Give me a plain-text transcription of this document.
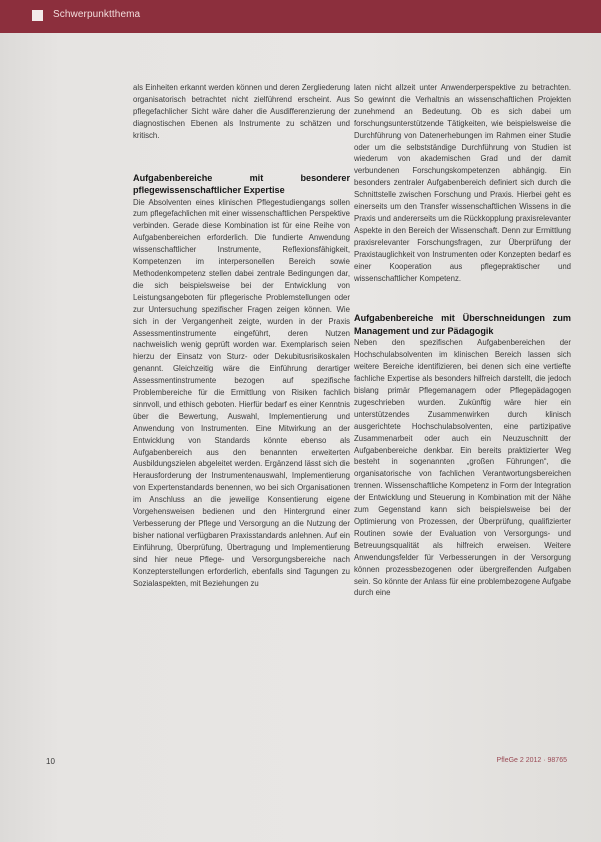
Schwerpunktthema

als Einheiten erkannt werden können und deren Zergliederung organisatorisch betrachtet nicht zielführend erscheint. Aus pflegefachlicher Sicht wäre daher die Ausdifferenzierung der diagnostischen Ebenen als Instrumente zu schätzen und kritisch.

Aufgabenbereiche mit besonderer pflegewissenschaftlicher Expertise

Die Absolventen eines klinischen Pflegestudiengangs sollen zum pflegefachlichen mit einer wissenschaftlichen Perspektive verbinden. Gerade diese Kombination ist für eine Reihe von Aufgabenbereichen erforderlich. Die fundierte Anwendung wissenschaftlicher Instrumente, Reflexionsfähigkeit, Kompetenzen im interpersonellen Bereich sowie Methodenkompetenz stellen dabei zentrale Bedingungen dar, die sich beispielsweise bei der Entwicklung von Leistungsangeboten für pflegerische Problemstellungen oder zur Untersuchung spezifischer Fragen zeigen können. Wie sich in der Vergangenheit zeigte, wurden in der Praxis Assessmentinstrumente eingeführt, deren Nutzen nachweislich wenig geprüft worden war. Exemplarisch seien hierzu der Einsatz von Sturz- oder Dekubitusrisikoskalen genannt. Gleichzeitig wäre die Einführung derartiger Assessmentinstrumente bezogen auf spezifische Problembereiche für die Ermittlung von Risiken fachlich sinnvoll, und ethisch geboten. Hierfür bedarf es einer Kenntnis über die Bewertung, Auswahl, Implementierung und Anwendung von Instrumenten. Eine Mitwirkung an der Entwicklung von Standards könnte ebenso als Aufgabenbereich aus den benannten erweiterten Ausbildungszielen abgeleitet werden. Ergänzend lässt sich die Herausforderung der Instrumentenauswahl, Implementierung von Expertenstandards benennen, wo bei sich Organisationen im Anschluss an die jeweilige Konsentierung eigene Vorgehensweisen bedienen und den Hintergrund einer Verbesserung der Pflege und Versorgung an die Nutzung der bisher national verfügbaren Praxisstandards anlehnen. Auf ein Einführung, Überprüfung, Übertragung und Implementierung sind hier neue Pflege- und Versorgungsbereiche nach Konzepterstellungen erforderlich, ebenfalls sind Tagungen zu Sozialaspekten, mit Beziehungen zu

laten nicht allzeit unter Anwenderperspektive zu betrachten. So gewinnt die Verhaltnis an wissenschaftlichen Projekten zunehmend an Bedeutung. Ob es sich dabei um forschungsunterstützende Tätigkeiten, wie beispielsweise die Durchführung von Datenerhebungen im Rahmen einer Studie oder um die selbstständige Durchführung von Studien ist wiederum von akademischen Grad und der damit verbundenen Forschungskompetenzen abhängig. Ein besonders zentraler Aufgabenbereich definiert sich durch die Schnittstelle zwischen Forschung und Praxis. Hierbei geht es einerseits um den Transfer wissenschaftlichen Wissens in die Praxis und andererseits um die Rückkopplung praxisrelevanter Aspekte in den Bereich der Wissenschaft. Denn zur Ermittlung praxisrelevanter Forschungsfragen, zur Überprüfung der Praxistauglichkeit von Instrumenten oder Konzepten bedarf es einer Kooperation aus pflegepraktischer und wissenschaftlicher Kompetenz.

Aufgabenbereiche mit Überschneidungen zum Management und zur Pädagogik

Neben den spezifischen Aufgabenbereichen der Hochschulabsolventen im klinischen Bereich lassen sich weitere Bereiche identifizieren, bei denen sich eine vertiefte fachliche Expertise als besonders hilfreich darstellt, die jedoch bislang primär Pflegemanagern oder Pflegepädagogen zugeschrieben wurden. Zukünftig wäre hier ein unterstützendes Zusammenwirken durch klinisch ausgerichtete Hochschulabsolventen, eine partizipative Zusammenarbeit oder auch ein Neuzuschnitt der Aufgabenbereiche denkbar. Ein bereits praktizierter Weg besteht in sogenannten „großen Führungen“, die organisatorische von fachlichen Verantwortungsbereichen trennen. Wissenschaftliche Kompetenz in Form der Integration der Entwicklung und Steuerung in Kombination mit der Nähe zum Gegenstand kann sich beispielsweise bei der Optimierung von Prozessen, der Überprüfung, qualifizierter Routinen sowie der Evaluation von Versorgungs- und Betreuungsqualität als hilfreich erweisen. Weitere Anwendungsfelder für Verbesserungen in der Versorgung können prozessbezogenen oder übergreifenden Aufgaben sein. So könnte der Anlass für eine problembezogene Aufgabe durch eine

10	PfleGe 2 2012 · 98765
